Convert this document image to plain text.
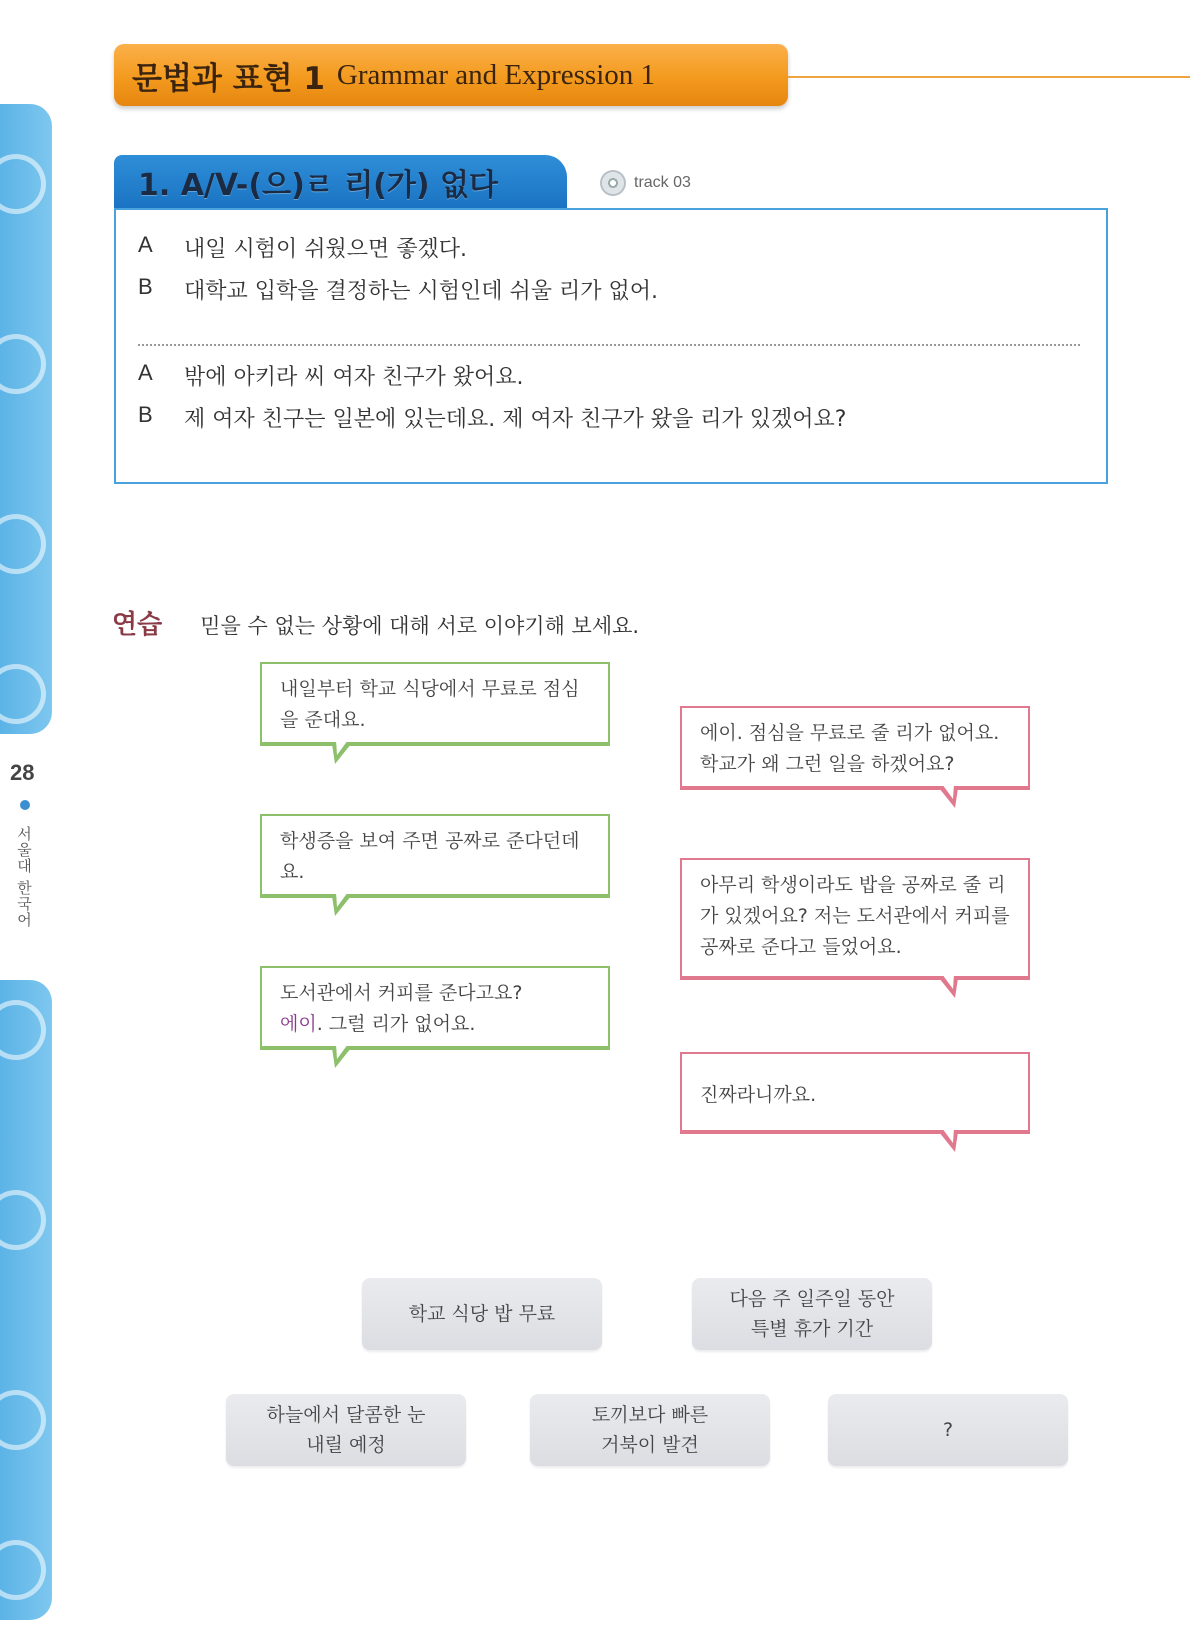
28
서울대 한국어
문법과 표현 1 Grammar and Expression 1
1. A/V-(으)ㄹ 리(가) 없다	track 03
A	내일 시험이 쉬웠으면 좋겠다.
B	대학교 입학을 결정하는 시험인데 쉬울 리가 없어.
A	밖에 아키라 씨 여자 친구가 왔어요.
B	제 여자 친구는 일본에 있는데요. 제 여자 친구가 왔을 리가 있겠어요?
연습 믿을 수 없는 상황에 대해 서로 이야기해 보세요.
내일부터 학교 식당에서 무료로 점심
을 준대요.
학생증을 보여 주면 공짜로 준다던데
요.
도서관에서 커피를 준다고요?
에이. 그럴 리가 없어요.
에이. 점심을 무료로 줄 리가 없어요.
학교가 왜 그런 일을 하겠어요?
아무리 학생이라도 밥을 공짜로 줄 리
가 있겠어요? 저는 도서관에서 커피를
공짜로 준다고 들었어요.
진짜라니까요.
학교 식당 밥 무료
다음 주 일주일 동안
특별 휴가 기간
하늘에서 달콤한 눈
내릴 예정
토끼보다 빠른
거북이 발견
?
